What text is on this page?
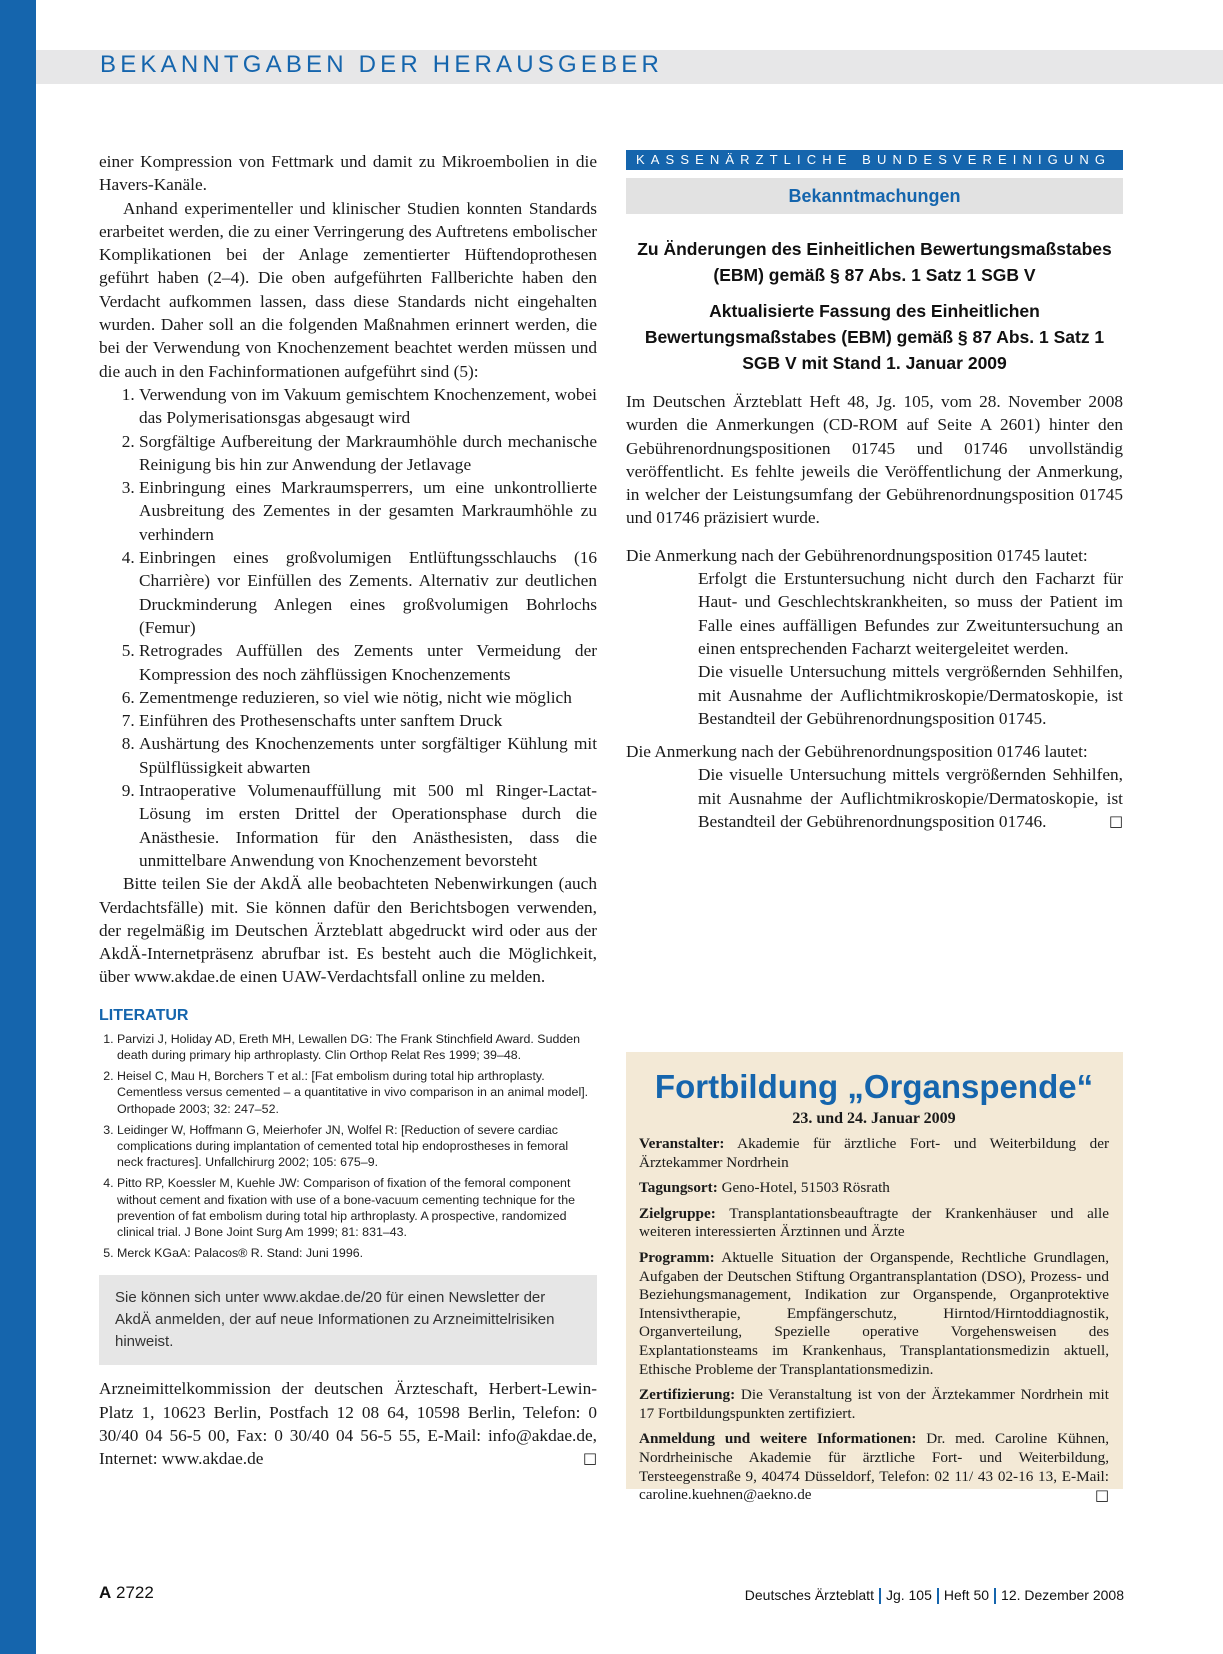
BEKANNTGABEN DER HERAUSGEBER

einer Kompression von Fettmark und damit zu Mikroembolien in die Havers-Kanäle.

Anhand experimenteller und klinischer Studien konnten Standards erarbeitet werden, die zu einer Verringerung des Auftretens embolischer Komplikationen bei der Anlage zementierter Hüftendoprothesen geführt haben (2–4). Die oben aufgeführten Fallberichte haben den Verdacht aufkommen lassen, dass diese Standards nicht eingehalten wurden. Daher soll an die folgenden Maßnahmen erinnert werden, die bei der Verwendung von Knochenzement beachtet werden müssen und die auch in den Fachinformationen aufgeführt sind (5):

1. Verwendung von im Vakuum gemischtem Knochenzement, wobei das Polymerisationsgas abgesaugt wird
2. Sorgfältige Aufbereitung der Markraumhöhle durch mechanische Reinigung bis hin zur Anwendung der Jetlavage
3. Einbringung eines Markraumsperrers, um eine unkontrollierte Ausbreitung des Zementes in der gesamten Markraumhöhle zu verhindern
4. Einbringen eines großvolumigen Entlüftungsschlauchs (16 Charrière) vor Einfüllen des Zements. Alternativ zur deutlichen Druckminderung Anlegen eines großvolumigen Bohrlochs (Femur)
5. Retrogrades Auffüllen des Zements unter Vermeidung der Kompression des noch zähflüssigen Knochenzements
6. Zementmenge reduzieren, so viel wie nötig, nicht wie möglich
7. Einführen des Prothesenschafts unter sanftem Druck
8. Aushärtung des Knochenzements unter sorgfältiger Kühlung mit Spülflüssigkeit abwarten
9. Intraoperative Volumenauffüllung mit 500 ml Ringer-Lactat-Lösung im ersten Drittel der Operationsphase durch die Anästhesie. Information für den Anästhesisten, dass die unmittelbare Anwendung von Knochenzement bevorsteht

Bitte teilen Sie der AkdÄ alle beobachteten Nebenwirkungen (auch Verdachtsfälle) mit. Sie können dafür den Berichtsbogen verwenden, der regelmäßig im Deutschen Ärzteblatt abgedruckt wird oder aus der AkdÄ-Internetpräsenz abrufbar ist. Es besteht auch die Möglichkeit, über www.akdae.de einen UAW-Verdachtsfall online zu melden.

LITERATUR
1. Parvizi J, Holiday AD, Ereth MH, Lewallen DG: The Frank Stinchfield Award. Sudden death during primary hip arthroplasty. Clin Orthop Relat Res 1999; 39–48.
2. Heisel C, Mau H, Borchers T et al.: [Fat embolism during total hip arthroplasty. Cementless versus cemented – a quantitative in vivo comparison in an animal model]. Orthopade 2003; 32: 247–52.
3. Leidinger W, Hoffmann G, Meierhofer JN, Wolfel R: [Reduction of severe cardiac complications during implantation of cemented total hip endoprostheses in femoral neck fractures]. Unfallchirurg 2002; 105: 675–9.
4. Pitto RP, Koessler M, Kuehle JW: Comparison of fixation of the femoral component without cement and fixation with use of a bone-vacuum cementing technique for the prevention of fat embolism during total hip arthroplasty. A prospective, randomized clinical trial. J Bone Joint Surg Am 1999; 81: 831–43.
5. Merck KGaA: Palacos® R. Stand: Juni 1996.
Sie können sich unter www.akdae.de/20 für einen Newsletter der AkdÄ anmelden, der auf neue Informationen zu Arzneimittelrisiken hinweist.

Arzneimittelkommission der deutschen Ärzteschaft, Herbert-Lewin-Platz 1, 10623 Berlin, Postfach 12 08 64, 10598 Berlin, Telefon: 0 30/40 04 56-5 00, Fax: 0 30/40 04 56-5 55, E-Mail: info@akdae.de, Internet: www.akdae.de	□

KASSENÄRZTLICHE BUNDESVEREINIGUNG
Bekanntmachungen
Zu Änderungen des Einheitlichen Bewertungsmaßstabes (EBM) gemäß § 87 Abs. 1 Satz 1 SGB V
Aktualisierte Fassung des Einheitlichen Bewertungsmaßstabes (EBM) gemäß § 87 Abs. 1 Satz 1 SGB V mit Stand 1. Januar 2009

Im Deutschen Ärzteblatt Heft 48, Jg. 105, vom 28. November 2008 wurden die Anmerkungen (CD-ROM auf Seite A 2601) hinter den Gebührenordnungspositionen 01745 und 01746 unvollständig veröffentlicht. Es fehlte jeweils die Veröffentlichung der Anmerkung, in welcher der Leistungsumfang der Gebührenordnungsposition 01745 und 01746 präzisiert wurde.

Die Anmerkung nach der Gebührenordnungsposition 01745 lautet:

Erfolgt die Erstuntersuchung nicht durch den Facharzt für Haut- und Geschlechtskrankheiten, so muss der Patient im Falle eines auffälligen Befundes zur Zweituntersuchung an einen entsprechenden Facharzt weitergeleitet werden.

Die visuelle Untersuchung mittels vergrößernden Sehhilfen, mit Ausnahme der Auflichtmikroskopie/Dermatoskopie, ist Bestandteil der Gebührenordnungsposition 01745.

Die Anmerkung nach der Gebührenordnungsposition 01746 lautet:

Die visuelle Untersuchung mittels vergrößernden Sehhilfen, mit Ausnahme der Auflichtmikroskopie/Dermatoskopie, ist Bestandteil der Gebührenordnungsposition 01746.	□

Fortbildung „Organspende“
23. und 24. Januar 2009

Veranstalter: Akademie für ärztliche Fort- und Weiterbildung der Ärztekammer Nordrhein

Tagungsort: Geno-Hotel, 51503 Rösrath

Zielgruppe: Transplantationsbeauftragte der Krankenhäuser und alle weiteren interessierten Ärztinnen und Ärzte

Programm: Aktuelle Situation der Organspende, Rechtliche Grundlagen, Aufgaben der Deutschen Stiftung Organtransplantation (DSO), Prozess- und Beziehungsmanagement, Indikation zur Organspende, Organprotektive Intensivtherapie, Empfängerschutz, Hirntod/Hirntoddiagnostik, Organverteilung, Spezielle operative Vorgehensweisen des Explantationsteams im Krankenhaus, Transplantationsmedizin aktuell, Ethische Probleme der Transplantationsmedizin.

Zertifizierung: Die Veranstaltung ist von der Ärztekammer Nordrhein mit 17 Fortbildungspunkten zertifiziert.

Anmeldung und weitere Informationen: Dr. med. Caroline Kühnen, Nordrheinische Akademie für ärztliche Fort- und Weiterbildung, Tersteegenstraße 9, 40474 Düsseldorf, Telefon: 02 11/ 43 02-16 13, E-Mail: caroline.kuehnen@aekno.de	□

A 2722	Deutsches Ärzteblatt Jg. 105 Heft 50 12. Dezember 2008
